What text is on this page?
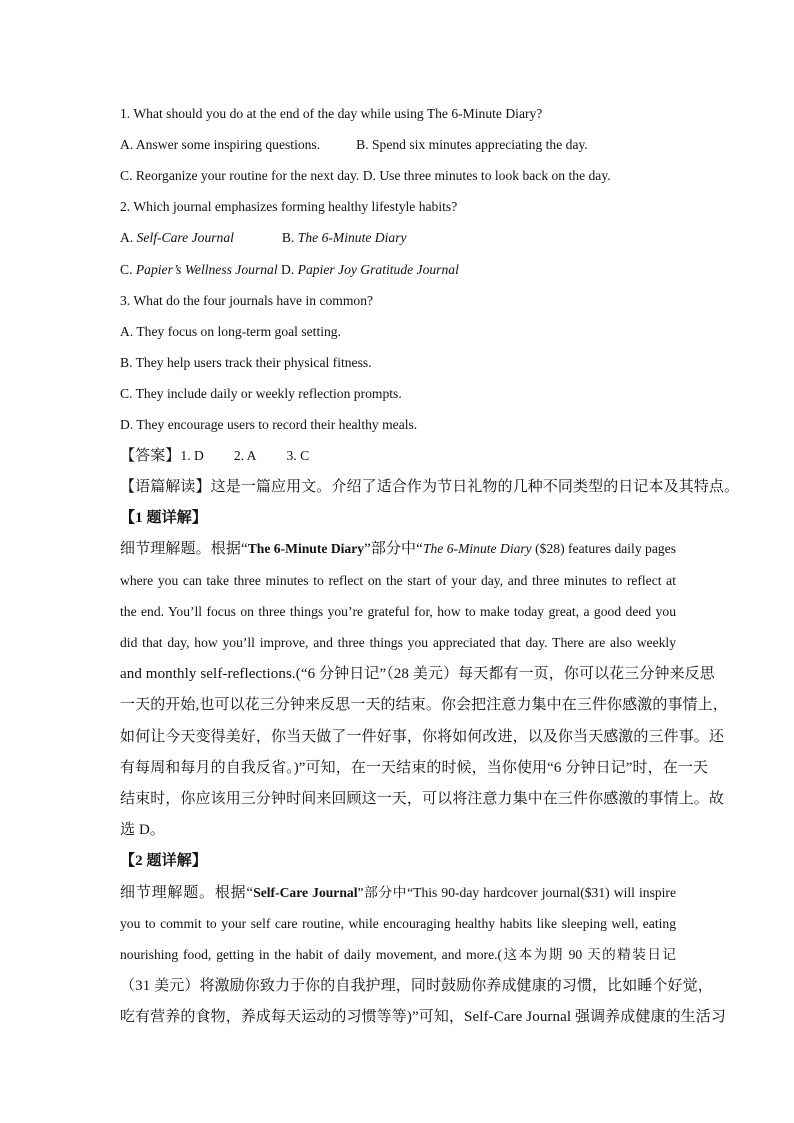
1. What should you do at the end of the day while using The 6-Minute Diary?
A. Answer some inspiring questions.	B. Spend six minutes appreciating the day.
C. Reorganize your routine for the next day. D. Use three minutes to look back on the day.
2. Which journal emphasizes forming healthy lifestyle habits?
A. Self-Care Journal	B. The 6-Minute Diary
C. Papier’s Wellness Journal D. Papier Joy Gratitude Journal
3. What do the four journals have in common?
A. They focus on long-term goal setting.
B. They help users track their physical fitness.
C. They include daily or weekly reflection prompts.
D. They encourage users to record their healthy meals.
【答案】1. D 2. A 3. C
【语篇解读】这是一篇应用文。介绍了适合作为节日礼物的几种不同类型的日记本及其特点。
【1 题详解】
细节理解题。根据“The 6-Minute Diary”部分中“The 6-Minute Diary ($28) features daily pages
where you can take three minutes to reflect on the start of your day, and three minutes to reflect at
the end. You’ll focus on three things you’re grateful for, how to make today great, a good deed you
did that day, how you’ll improve, and three things you appreciated that day. There are also weekly
and monthly self-reflections.(“6 分钟日记”（28 美元）每天都有一页，你可以花三分钟来反思
一天的开始,也可以花三分钟来反思一天的结束。你会把注意力集中在三件你感激的事情上，
如何让今天变得美好，你当天做了一件好事，你将如何改进，以及你当天感激的三件事。还
有每周和每月的自我反省。)”可知，在一天结束的时候，当你使用“6 分钟日记”时，在一天
结束时，你应该用三分钟时间来回顾这一天，可以将注意力集中在三件你感激的事情上。故
选 D。
【2 题详解】
细节理解题。根据“Self-Care Journal”部分中“This 90-day hardcover journal($31) will inspire
you to commit to your self care routine, while encouraging healthy habits like sleeping well, eating
nourishing food, getting in the habit of daily movement, and more.(这本为期 90 天的精装日记
（31 美元）将激励你致力于你的自我护理，同时鼓励你养成健康的习惯，比如睡个好觉，
吃有营养的食物，养成每天运动的习惯等等)”可知，Self-Care Journal 强调养成健康的生活习
